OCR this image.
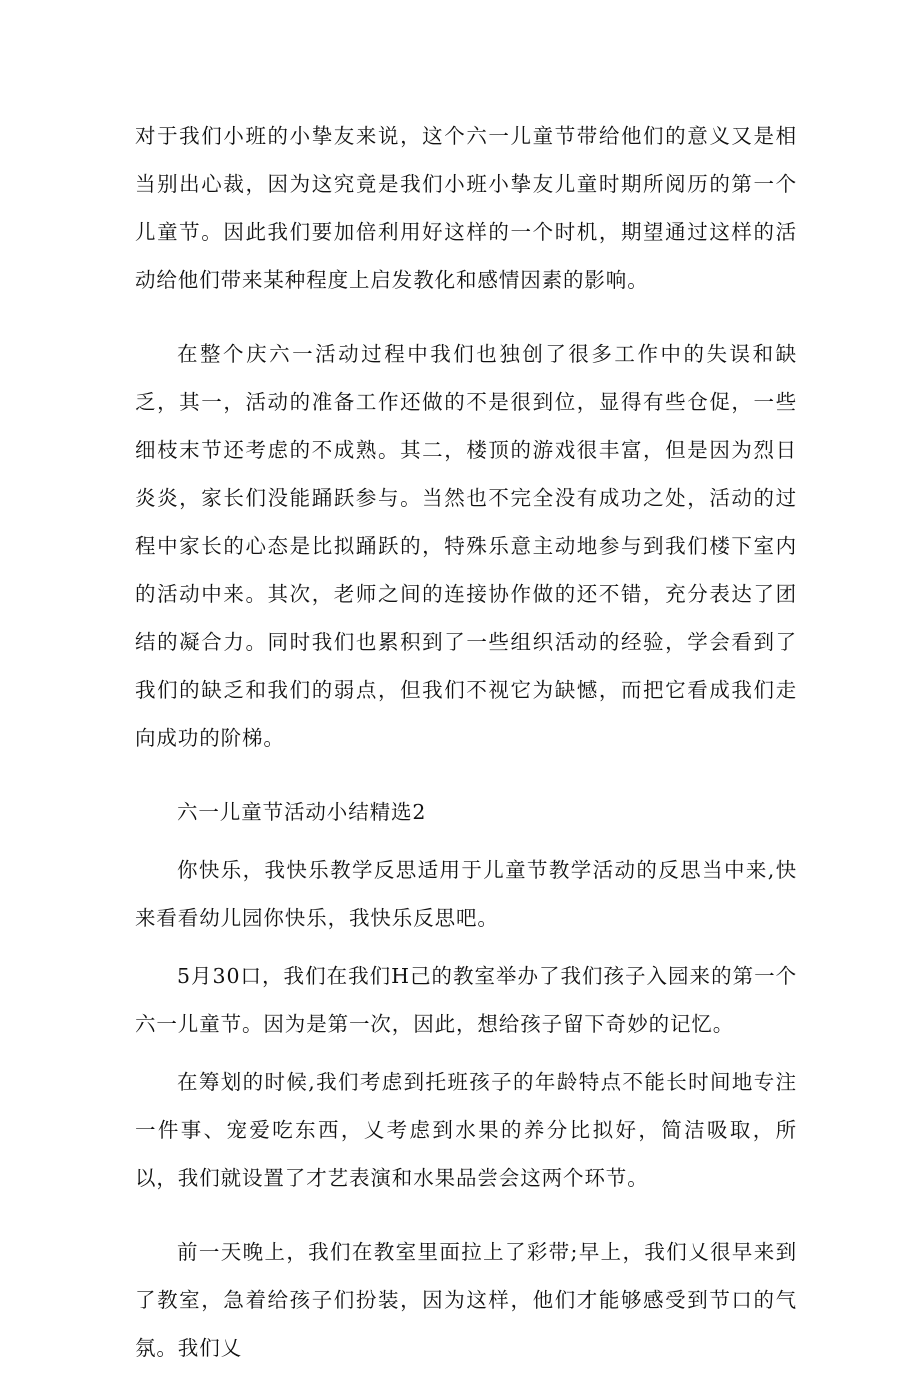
对于我们小班的小挚友来说，这个六一儿童节带给他们的意义又是相当别出心裁，因为这究竟是我们小班小挚友儿童时期所阅历的第一个儿童节。因此我们要加倍利用好这样的一个时机，期望通过这样的活动给他们带来某种程度上启发教化和感情因素的影响。

在整个庆六一活动过程中我们也独创了很多工作中的失误和缺乏，其一，活动的准备工作还做的不是很到位，显得有些仓促，一些细枝末节还考虑的不成熟。其二，楼顶的游戏很丰富，但是因为烈日炎炎，家长们没能踊跃参与。当然也不完全没有成功之处，活动的过程中家长的心态是比拟踊跃的，特殊乐意主动地参与到我们楼下室内的活动中来。其次，老师之间的连接协作做的还不错，充分表达了团结的凝合力。同时我们也累积到了一些组织活动的经验，学会看到了我们的缺乏和我们的弱点，但我们不视它为缺憾，而把它看成我们走向成功的阶梯。

六一儿童节活动小结精选2

你快乐，我快乐教学反思适用于儿童节教学活动的反思当中来,快来看看幼儿园你快乐，我快乐反思吧。

5月30口，我们在我们H己的教室举办了我们孩子入园来的第一个六一儿童节。因为是第一次，因此，想给孩子留下奇妙的记忆。

在筹划的时候,我们考虑到托班孩子的年龄特点不能长时间地专注一件事、宠爱吃东西，乂考虑到水果的养分比拟好，简洁吸取，所以，我们就设置了才艺表演和水果品尝会这两个环节。

前一天晚上，我们在教室里面拉上了彩带;早上，我们乂很早来到了教室，急着给孩子们扮装，因为这样，他们才能够感受到节口的气氛。我们乂
